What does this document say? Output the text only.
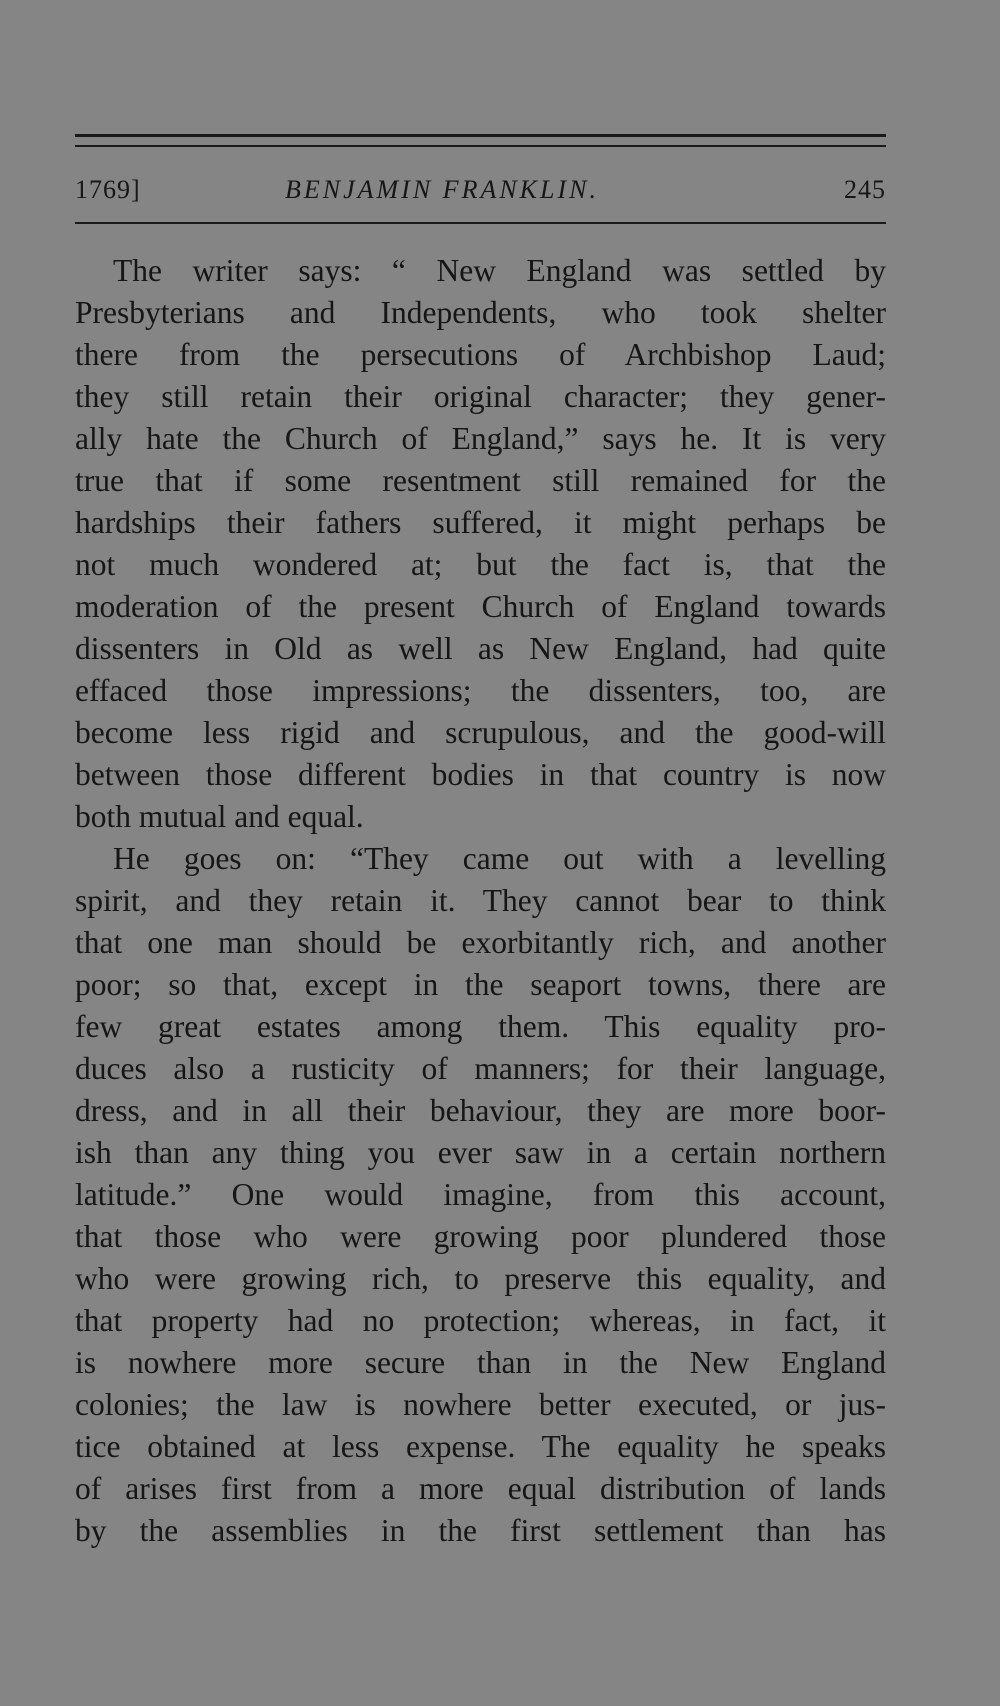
1769]	BENJAMIN FRANKLIN.	245
The writer says: “ New England was settled by
Presbyterians and Independents, who took shelter
there from the persecutions of Archbishop Laud;
they still retain their original character; they gener-
ally hate the Church of England,” says he. It is very
true that if some resentment still remained for the
hardships their fathers suffered, it might perhaps be
not much wondered at; but the fact is, that the
moderation of the present Church of England towards
dissenters in Old as well as New England, had quite
effaced those impressions; the dissenters, too, are
become less rigid and scrupulous, and the good-will
between those different bodies in that country is now
both mutual and equal.
He goes on: “They came out with a levelling
spirit, and they retain it. They cannot bear to think
that one man should be exorbitantly rich, and another
poor; so that, except in the seaport towns, there are
few great estates among them. This equality pro-
duces also a rusticity of manners; for their language,
dress, and in all their behaviour, they are more boor-
ish than any thing you ever saw in a certain northern
latitude.” One would imagine, from this account,
that those who were growing poor plundered those
who were growing rich, to preserve this equality, and
that property had no protection; whereas, in fact, it
is nowhere more secure than in the New England
colonies; the law is nowhere better executed, or jus-
tice obtained at less expense. The equality he speaks
of arises first from a more equal distribution of lands
by the assemblies in the first settlement than has
